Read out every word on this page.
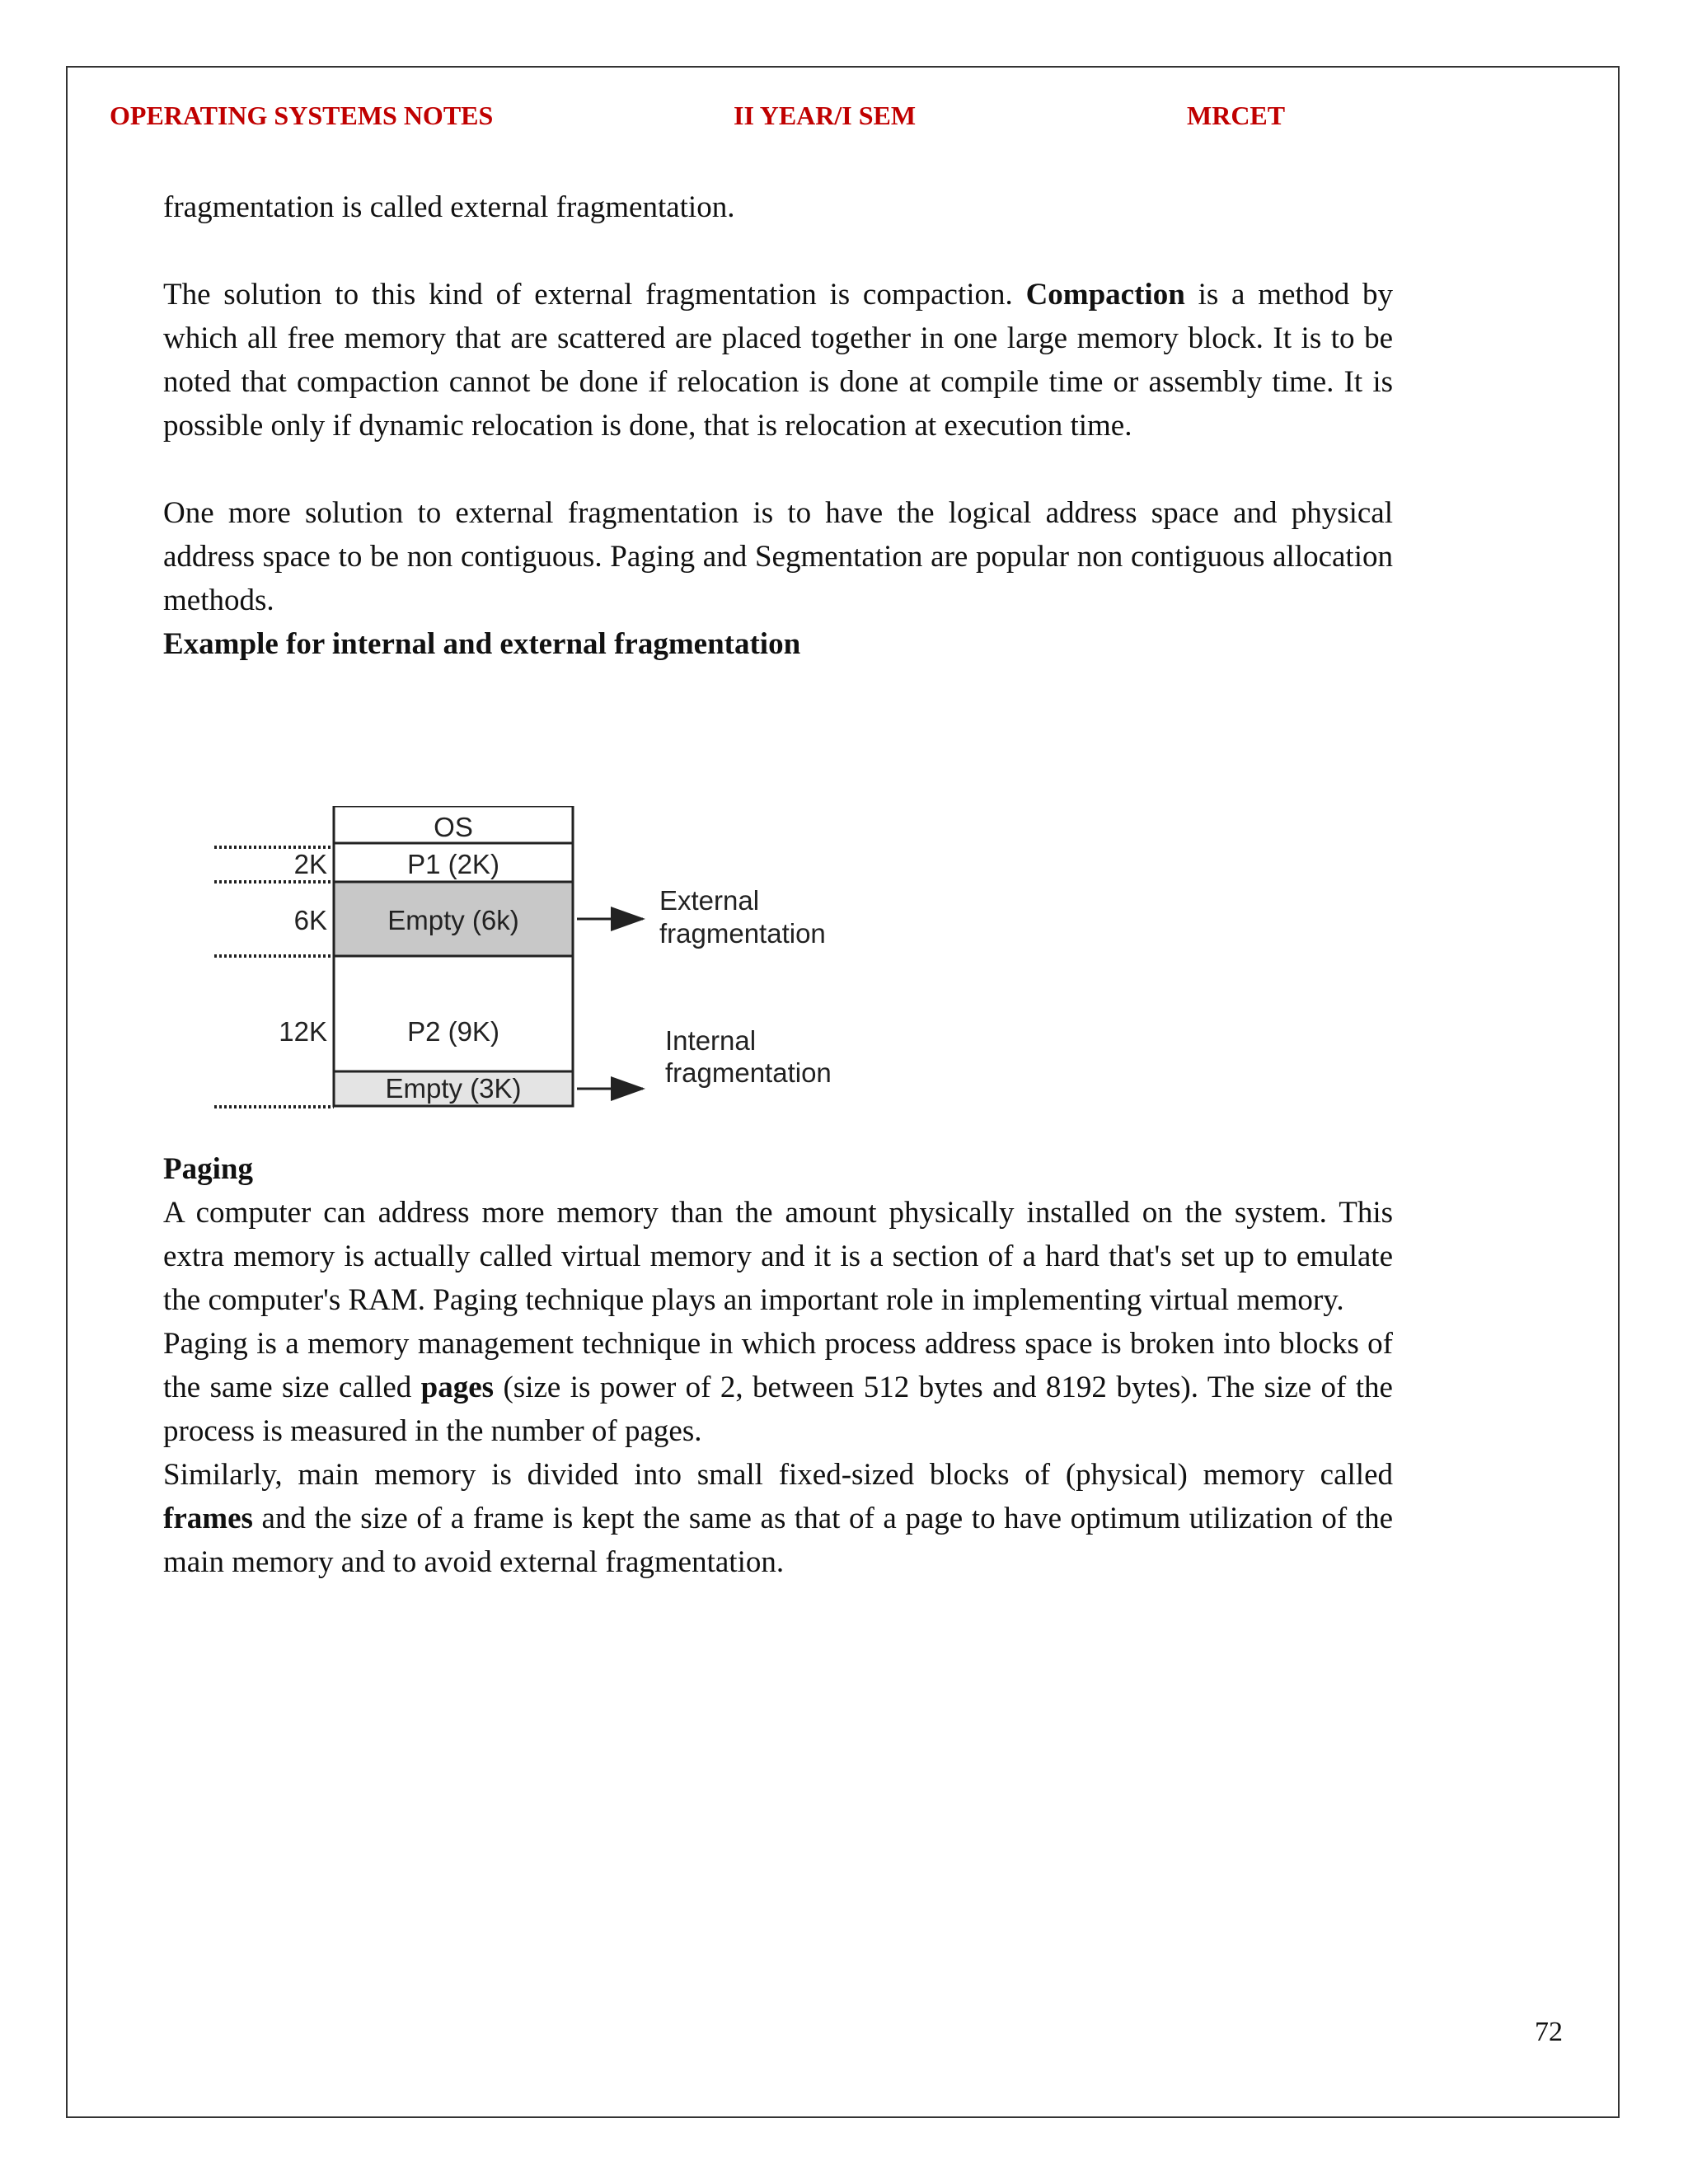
OPERATING SYSTEMS NOTES	II YEAR/I SEM	MRCET

fragmentation is called external fragmentation.

The solution to this kind of external fragmentation is compaction. Compaction is a method by which all free memory that are scattered are placed together in one large memory block. It is to be noted that compaction cannot be done if relocation is done at compile time or assembly time. It is possible only if dynamic relocation is done, that is relocation at execution time.

One more solution to external fragmentation is to have the logical address space and physical address space to be non contiguous. Paging and Segmentation are popular non contiguous allocation methods.

Example for internal and external fragmentation

OS
P1 (2K)
Empty (6k)
P2 (9K)
Empty (3K)
2K
6K
12K
External
fragmentation
Internal
fragmentation

Paging

A computer can address more memory than the amount physically installed on the system. This extra memory is actually called virtual memory and it is a section of a hard that's set up to emulate the computer's RAM. Paging technique plays an important role in implementing virtual memory.

Paging is a memory management technique in which process address space is broken into blocks of the same size called pages (size is power of 2, between 512 bytes and 8192 bytes). The size of the process is measured in the number of pages.

Similarly, main memory is divided into small fixed-sized blocks of (physical) memory called frames and the size of a frame is kept the same as that of a page to have optimum utilization of the main memory and to avoid external fragmentation.

72
